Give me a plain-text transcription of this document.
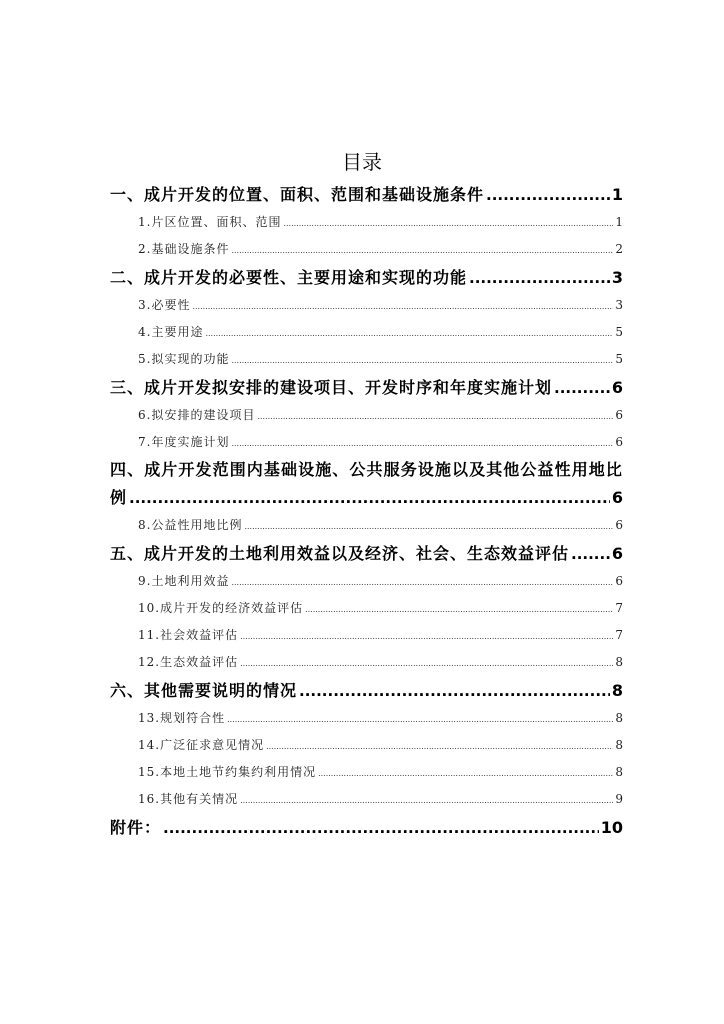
目录
一、成片开发的位置、面积、范围和基础设施条件 .....	1
1.片区位置、面积、范围 .....	1
2.基础设施条件 .....	2
二、成片开发的必要性、主要用途和实现的功能 .....	3
3.必要性 .....	3
4.主要用途 .....	5
5.拟实现的功能 .....	5
三、成片开发拟安排的建设项目、开发时序和年度实施计划 .....	6
6.拟安排的建设项目 .....	6
7.年度实施计划 .....	6
四、成片开发范围内基础设施、公共服务设施以及其他公益性用地比
例 .....	6
8.公益性用地比例 .....	6
五、成片开发的土地利用效益以及经济、社会、生态效益评估 .....	6
9.土地利用效益 .....	6
10.成片开发的经济效益评估 .....	7
11.社会效益评估 .....	7
12.生态效益评估 .....	8
六、其他需要说明的情况 .....	8
13.规划符合性 .....	8
14.广泛征求意见情况 .....	8
15.本地土地节约集约利用情况 .....	8
16.其他有关情况 .....	9
附件： .....	10
